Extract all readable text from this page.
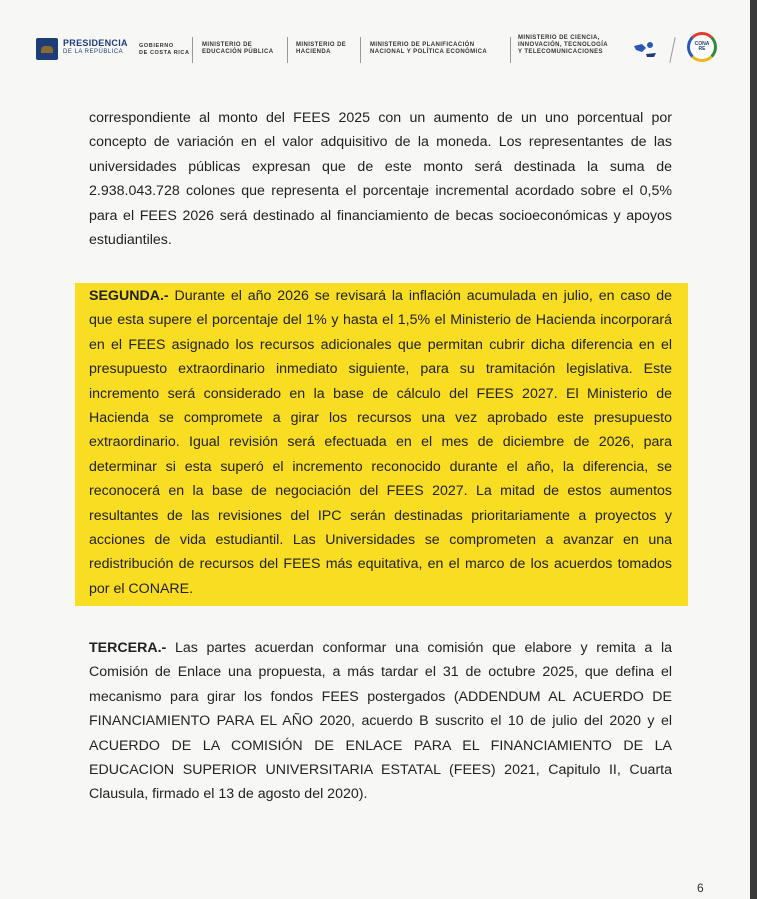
PRESIDENCIA
DE LA REPÚBLICA
GOBIERNO
DE COSTA RICA
MINISTERIO DE
EDUCACIÓN PÚBLICA
MINISTERIO DE
HACIENDA
MINISTERIO DE PLANIFICACIÓN
NACIONAL Y POLÍTICA ECONÓMICA
MINISTERIO DE CIENCIA,
INNOVACIÓN, TECNOLOGÍA
Y TELECOMUNICACIONES
CONA
RE
correspondiente al monto del FEES 2025 con un aumento de un uno porcentual por concepto de variación en el valor adquisitivo de la moneda. Los representantes de las universidades públicas expresan que de este monto será destinada la suma de 2.938.043.728 colones que representa el porcentaje incremental acordado sobre el 0,5% para el FEES 2026 será destinado al financiamiento de becas socioeconómicas y apoyos estudiantiles.
SEGUNDA.- Durante el año 2026 se revisará la inflación acumulada en julio, en caso de que esta supere el porcentaje del 1% y hasta el 1,5% el Ministerio de Hacienda incorporará en el FEES asignado los recursos adicionales que permitan cubrir dicha diferencia en el presupuesto extraordinario inmediato siguiente, para su tramitación legislativa. Este incremento será considerado en la base de cálculo del FEES 2027. El Ministerio de Hacienda se compromete a girar los recursos una vez aprobado este presupuesto extraordinario. Igual revisión será efectuada en el mes de diciembre de 2026, para determinar si esta superó el incremento reconocido durante el año, la diferencia, se reconocerá en la base de negociación del FEES 2027. La mitad de estos aumentos resultantes de las revisiones del IPC serán destinadas prioritariamente a proyectos y acciones de vida estudiantil. Las Universidades se comprometen a avanzar en una redistribución de recursos del FEES más equitativa, en el marco de los acuerdos tomados por el CONARE.
TERCERA.- Las partes acuerdan conformar una comisión que elabore y remita a la Comisión de Enlace una propuesta, a más tardar el 31 de octubre 2025, que defina el mecanismo para girar los fondos FEES postergados (ADDENDUM AL ACUERDO DE FINANCIAMIENTO PARA EL AÑO 2020, acuerdo B suscrito el 10 de julio del 2020 y el ACUERDO DE LA COMISIÓN DE ENLACE PARA EL FINANCIAMIENTO DE LA EDUCACION SUPERIOR UNIVERSITARIA ESTATAL (FEES) 2021, Capitulo II, Cuarta Clausula, firmado el 13 de agosto del 2020).
6
